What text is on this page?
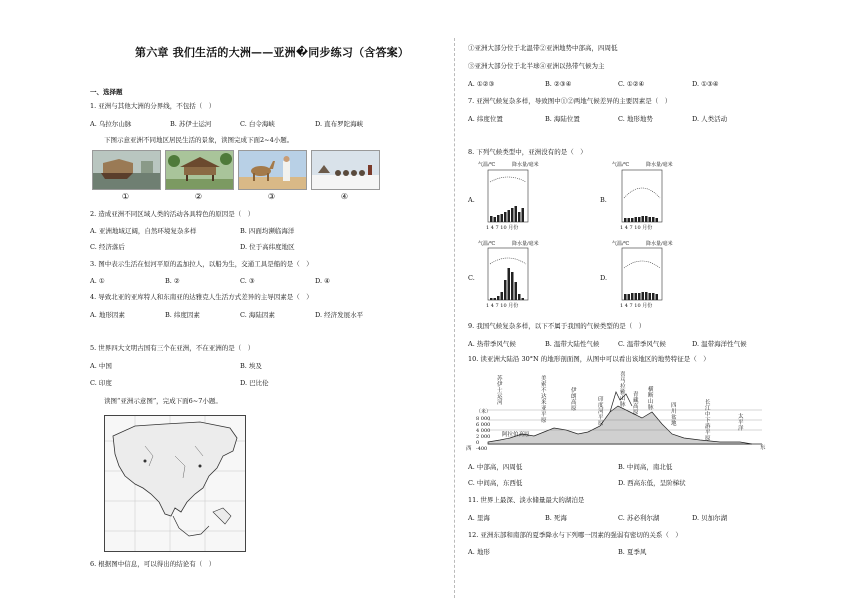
第六章 我们生活的大洲——亚洲�同步练习（含答案）
一、选择题
1. 亚洲与其他大洲的分界线，不包括（　）
A. 乌拉尔山脉	B. 苏伊士运河	C. 白令海峡	D. 直布罗陀海峡
下图示意亚洲不同地区居民生活的景象，读图完成下面2~4小题。
①	②	③	④
2. 造成亚洲不同区域人类的活动各具特色的原因是（　）
A. 亚洲地域辽阔，自然环境复杂多样	B. 四面均濒临海洋
C. 经济落后	D. 位于高纬度地区
3. 图中表示生活在恒河平原的孟加拉人，以船为生，交通工具是船的是（　）
A. ①	B. ②	C. ③	D. ④
4. 导致北亚的亚库特人和东南亚的达雅克人生活方式差异的主导因素是（　）
A. 地形因素	B. 纬度因素	C. 海陆因素	D. 经济发展水平
5. 世界四大文明古国有三个在亚洲，不在亚洲的是（　）
A. 中国	B. 埃及
C. 印度	D. 巴比伦
读图“亚洲示意图”，完成下面6~7小题。
6. 根据图中信息，可以得出的结论有（　）
①亚洲大部分位于北温带②亚洲地势中部高，四周低
③亚洲大部分位于北半球④亚洲以热带气候为主
A. ①②③	B. ②③④	C. ①②④	D. ①③④
7. 亚洲气候复杂多样，导致图中①②两地气候差异的主要因素是（　）
A. 纬度位置	B. 海陆位置	C. 地形地势	D. 人类活动
8. 下列气候类型中，亚洲没有的是（　）
A.
气温/℃	降水量/毫米
1 4 7 10 月份
B.
气温/℃	降水量/毫米
1 4 7 10 月份
C.
气温/℃	降水量/毫米
1 4 7 10 月份
D.
气温/℃	降水量/毫米
1 4 7 10 月份
9. 我国气候复杂多样，以下不属于我国的气候类型的是（　）
A. 热带季风气候	B. 温带大陆性气候	C. 温带季风气候	D. 温带海洋性气候
10. 读亚洲大陆沿 30°N 的地形剖面图，从图中可以看出该地区的地势特征是（　）
苏伊士运河
阿拉伯高原
美索不达米亚平原
伊朗高原
印度河平原
喜马拉雅山脉
青藏高原
横断山脉	四川盆地
长江中下游平原
太平洋
（米）
8 000
6 000
4 000
2 000
0
-400
西	东
A. 中部高，四周低	B. 中间高，南北低
C. 中间高，东西低	D. 西高东低，呈阶梯状
11. 世界上最深、淡水储量最大的湖泊是
A. 里海	B. 死海	C. 苏必利尔湖	D. 贝加尔湖
12. 亚洲东部和南部的夏季降水与下列哪一因素的强弱有密切的关系（　）
A. 地形	B. 夏季风
